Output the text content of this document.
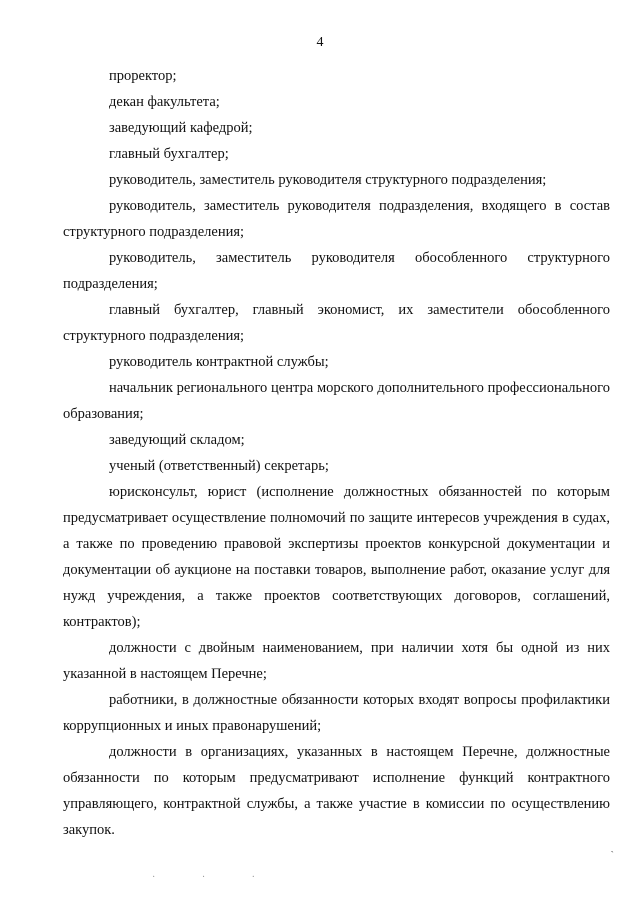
4

проректор;

декан факультета;

заведующий кафедрой;

главный бухгалтер;

руководитель, заместитель руководителя структурного подразделения;

руководитель, заместитель руководителя подразделения, входящего в состав структурного подразделения;

руководитель, заместитель руководителя обособленного структурного подразделения;

главный бухгалтер, главный экономист, их заместители обособленного структурного подразделения;

руководитель контрактной службы;

начальник регионального центра морского дополнительного профессионального образования;

заведующий складом;

ученый (ответственный) секретарь;

юрисконсульт, юрист (исполнение должностных обязанностей по которым предусматривает осуществление полномочий по защите интересов учреждения в судах, а также по проведению правовой экспертизы проектов конкурсной документации и документации об аукционе на поставки товаров, выполнение работ, оказание услуг для нужд учреждения, а также проектов соответствующих договоров, соглашений, контрактов);

должности с двойным наименованием, при наличии хотя бы одной из них указанной в настоящем Перечне;

работники, в должностные обязанности которых входят вопросы профилактики коррупционных и иных правонарушений;

должности в организациях, указанных в настоящем Перечне, должностные обязанности по которым предусматривают исполнение функций контрактного управляющего, контрактной службы, а также участие в комиссии по осуществлению закупок.

ˎ
· · ·
